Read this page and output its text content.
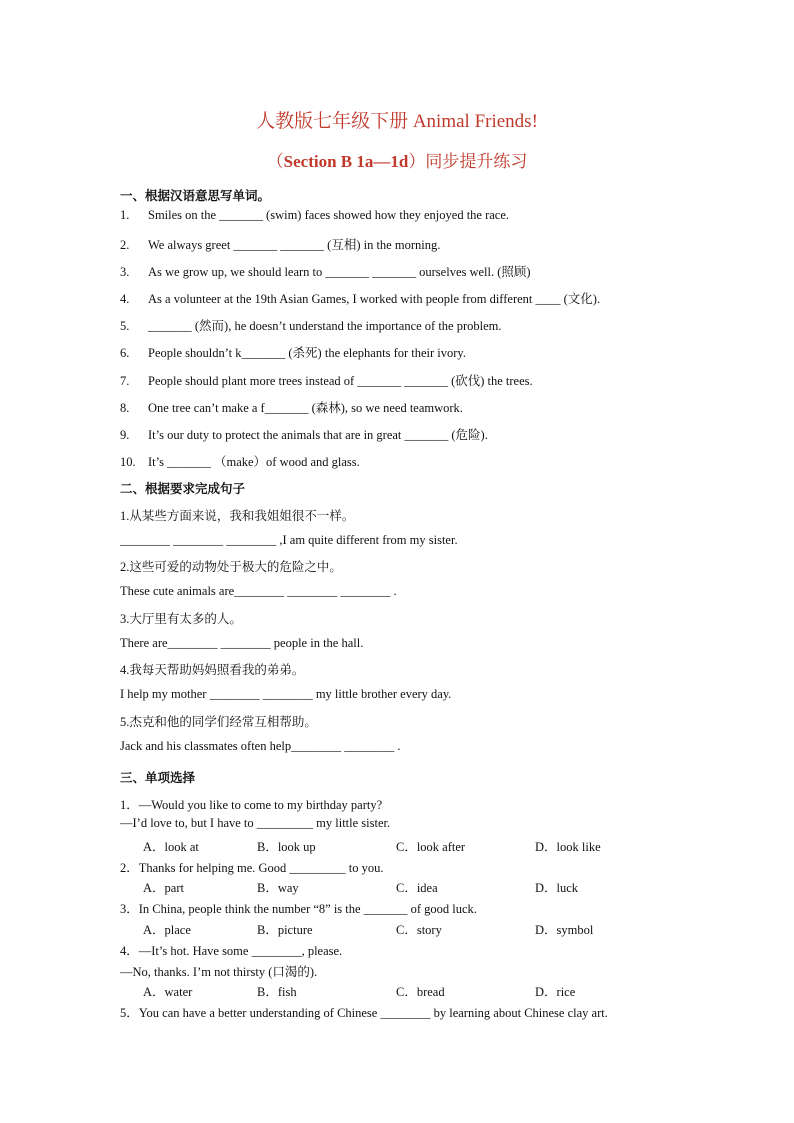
人教版七年级下册 Animal Friends!
（Section B 1a—1d）同步提升练习
一、根据汉语意思写单词。
1. Smiles on the _______ (swim) faces showed how they enjoyed the race.
2. We always greet _______ _______ (互相) in the morning.
3. As we grow up, we should learn to _______ _______ ourselves well. (照顾)
4. As a volunteer at the 19th Asian Games, I worked with people from different ____ (文化).
5. _______ (然而), he doesn’t understand the importance of the problem.
6. People shouldn’t k_______ (杀死) the elephants for their ivory.
7. People should plant more trees instead of _______ _______ (砍伐) the trees.
8. One tree can’t make a f_______ (森林), so we need teamwork.
9. It’s our duty to protect the animals that are in great _______ (危险).
10. It’s _______ （make）of wood and glass.
二、根据要求完成句子
1.从某些方面来说，我和我姐姐很不一样。
________ ________ ________ ,I am quite different from my sister.
2.这些可爱的动物处于极大的危险之中。
These cute animals are________ ________ ________ .
3.大厅里有太多的人。
There are________ ________ people in the hall.
4.我每天帮助妈妈照看我的弟弟。
I help my mother ________ ________ my little brother every day.
5.杰克和他的同学们经常互相帮助。
Jack and his classmates often help________ ________ .
三、单项选择
1．—Would you like to come to my birthday party?
—I’d love to, but I have to _________ my little sister.
A．look at	B．look up	C．look after	D．look like
2．Thanks for helping me. Good _________ to you.
A．part	B．way	C．idea	D．luck
3．In China, people think the number “8” is the _______ of good luck.
A．place	B．picture	C．story	D．symbol
4．—It’s hot. Have some ________, please.
—No, thanks. I’m not thirsty (口渴的).
A．water	B．fish	C．bread	D．rice
5．You can have a better understanding of Chinese ________ by learning about Chinese clay art.
